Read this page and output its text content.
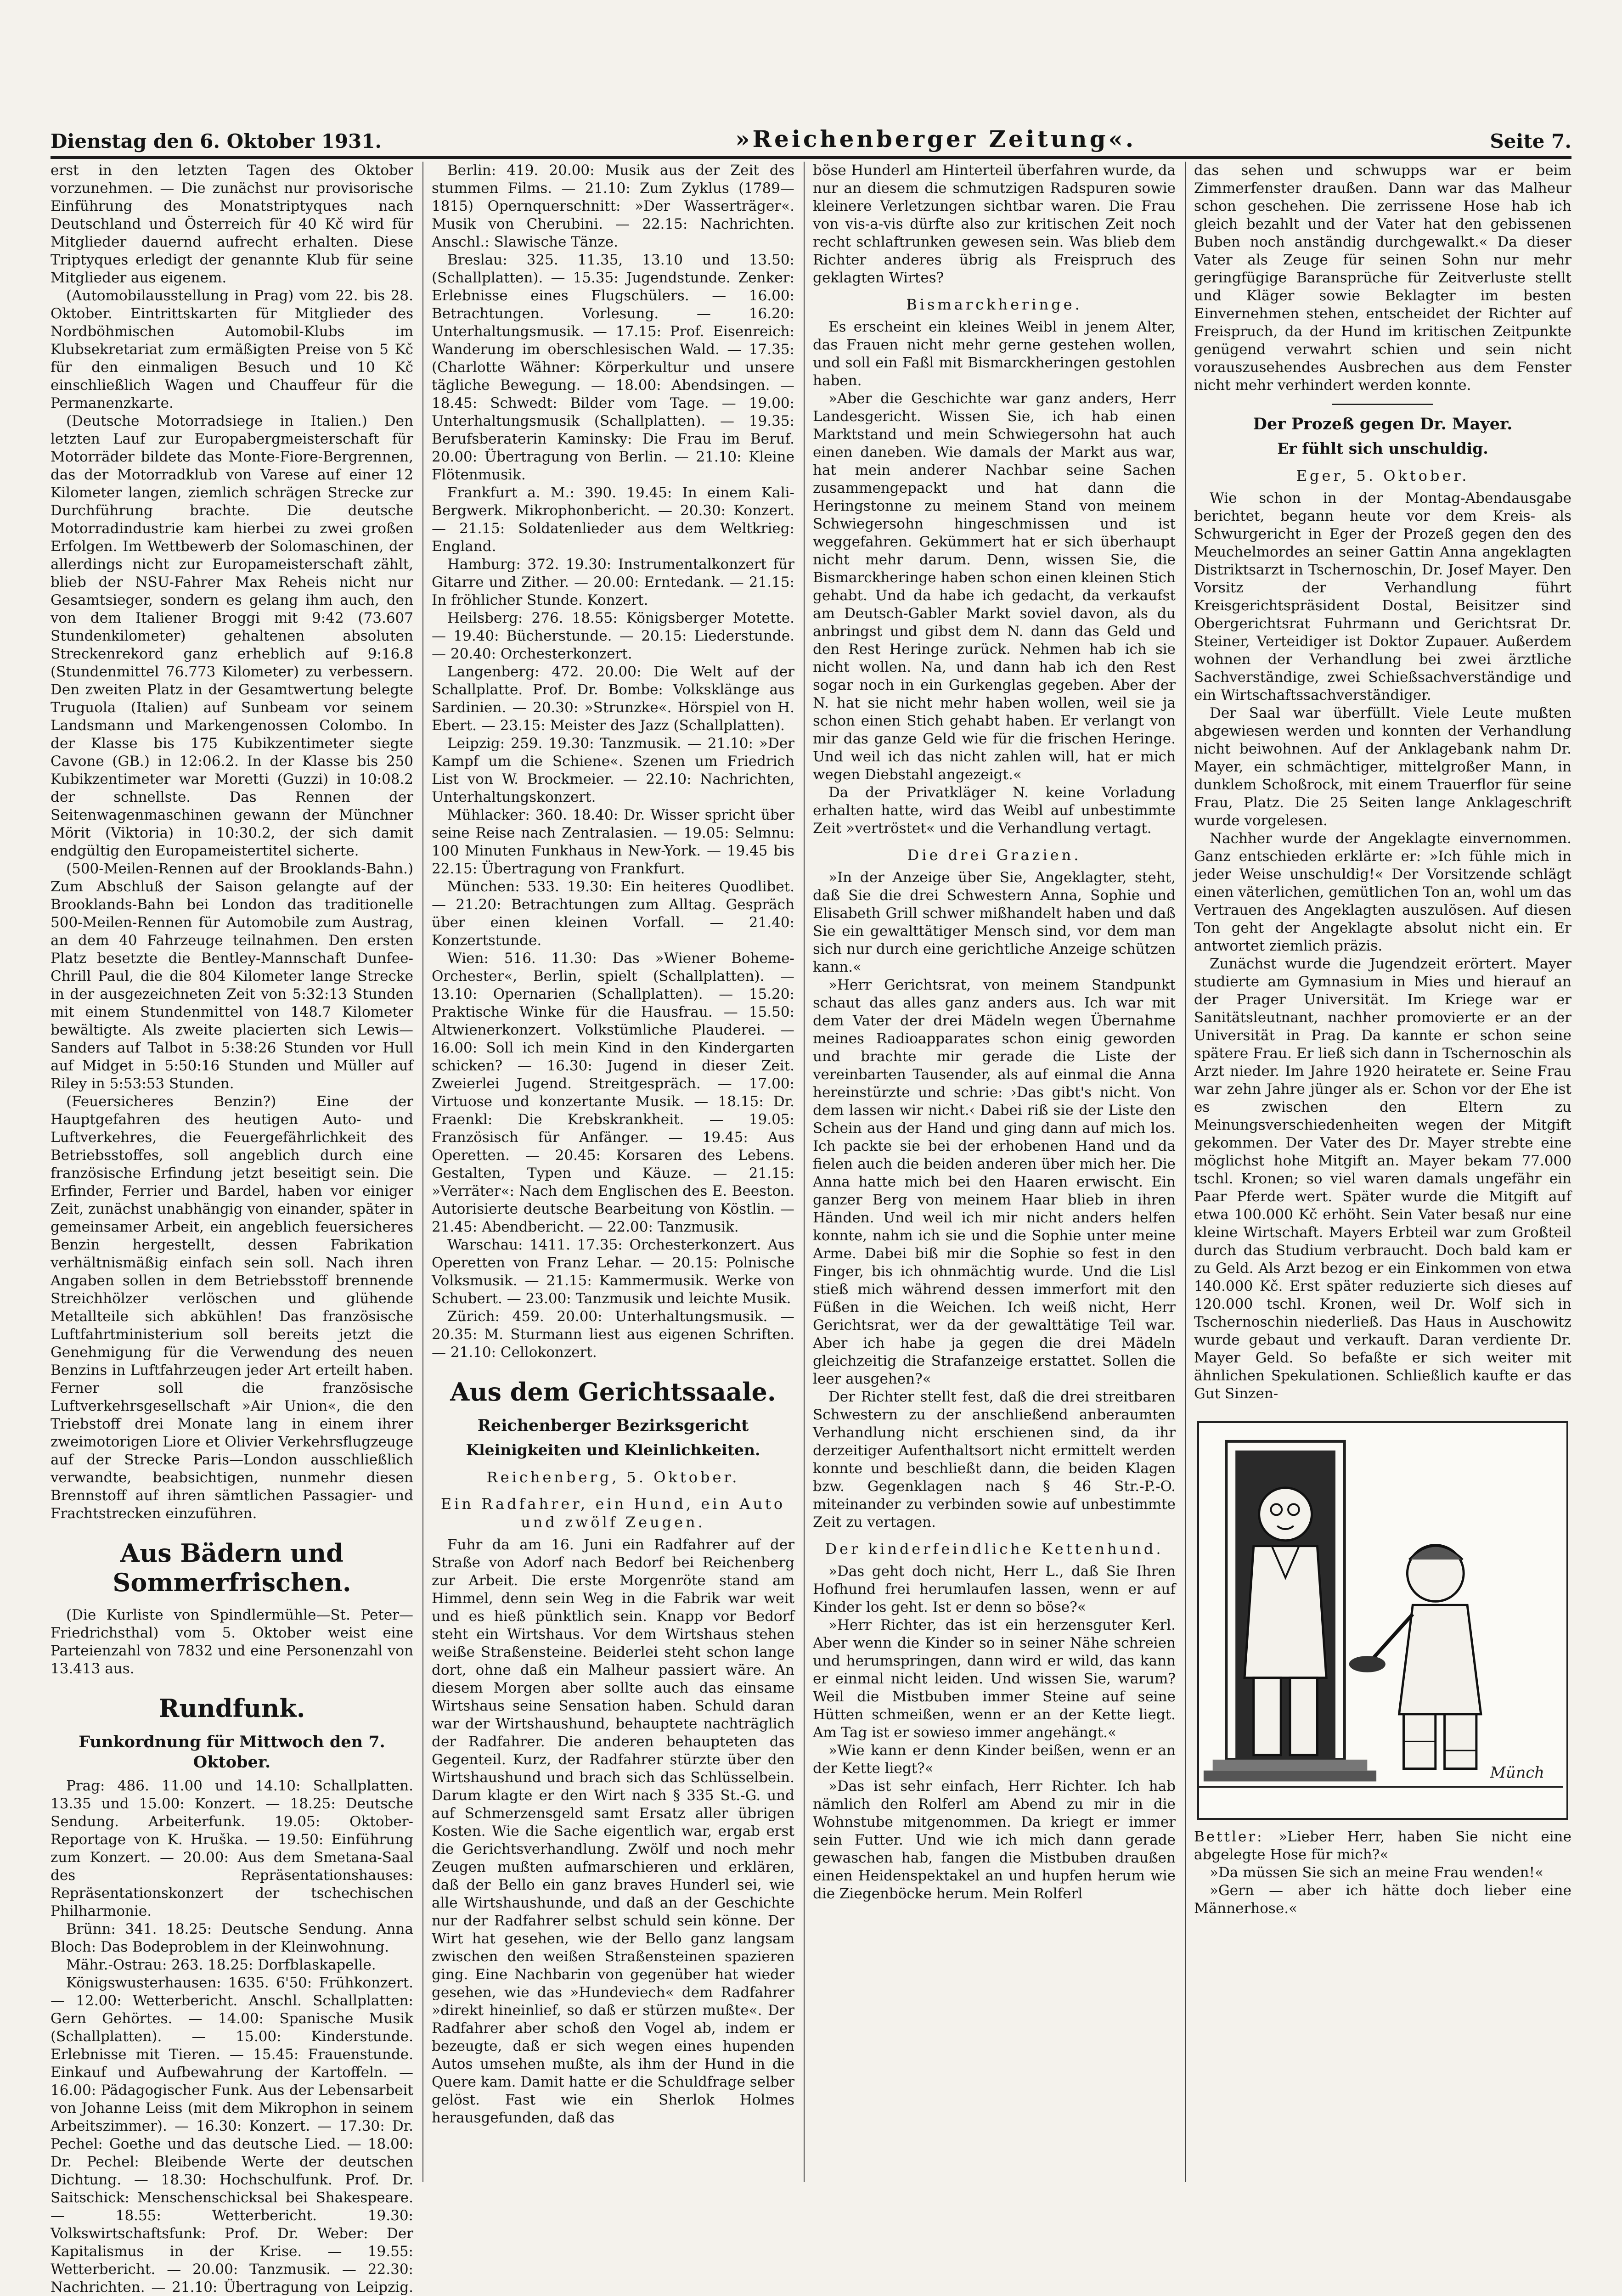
Dienstag den 6. Oktober 1931.	»Reichenberger Zeitung«.	Seite 7.

erst in den letzten Tagen des Oktober vorzunehmen. — Die zunächst nur provisorische Einführung des Monatstriptyques nach Deutschland und Österreich für 40 Kč wird für Mitglieder dauernd aufrecht erhalten. Diese Triptyques erledigt der genannte Klub für seine Mitglieder aus eigenem.

(Automobilausstellung in Prag) vom 22. bis 28. Oktober. Eintrittskarten für Mitglieder des Nordböhmischen Automobil-Klubs im Klubsekretariat zum ermäßigten Preise von 5 Kč für den einmaligen Besuch und 10 Kč einschließlich Wagen und Chauffeur für die Permanenzkarte.

(Deutsche Motorradsiege in Italien.) Den letzten Lauf zur Europabergmeisterschaft für Motorräder bildete das Monte-Fiore-Bergrennen, das der Motorradklub von Varese auf einer 12 Kilometer langen, ziemlich schrägen Strecke zur Durchführung brachte. Die deutsche Motorradindustrie kam hierbei zu zwei großen Erfolgen. Im Wettbewerb der Solomaschinen, der allerdings nicht zur Europameisterschaft zählt, blieb der NSU-Fahrer Max Reheis nicht nur Gesamtsieger, sondern es gelang ihm auch, den von dem Italiener Broggi mit 9:42 (73.607 Stundenkilometer) gehaltenen absoluten Streckenrekord ganz erheblich auf 9:16.8 (Stundenmittel 76.773 Kilometer) zu verbessern. Den zweiten Platz in der Gesamtwertung belegte Truguola (Italien) auf Sunbeam vor seinem Landsmann und Markengenossen Colombo. In der Klasse bis 175 Kubikzentimeter siegte Cavone (GB.) in 12:06.2. In der Klasse bis 250 Kubikzentimeter war Moretti (Guzzi) in 10:08.2 der schnellste. Das Rennen der Seitenwagenmaschinen gewann der Münchner Mörit (Viktoria) in 10:30.2, der sich damit endgültig den Europameistertitel sicherte.

(500-Meilen-Rennen auf der Brooklands-Bahn.) Zum Abschluß der Saison gelangte auf der Brooklands-Bahn bei London das traditionelle 500-Meilen-Rennen für Automobile zum Austrag, an dem 40 Fahrzeuge teilnahmen. Den ersten Platz besetzte die Bentley-Mannschaft Dunfee-Chrill Paul, die die 804 Kilometer lange Strecke in der ausgezeichneten Zeit von 5:32:13 Stunden mit einem Stundenmittel von 148.7 Kilometer bewältigte. Als zweite placierten sich Lewis—Sanders auf Talbot in 5:38:26 Stunden vor Hull auf Midget in 5:50:16 Stunden und Müller auf Riley in 5:53:53 Stunden.

(Feuersicheres Benzin?) Eine der Hauptgefahren des heutigen Auto- und Luftverkehres, die Feuergefährlichkeit des Betriebsstoffes, soll angeblich durch eine französische Erfindung jetzt beseitigt sein. Die Erfinder, Ferrier und Bardel, haben vor einiger Zeit, zunächst unabhängig von einander, später in gemeinsamer Arbeit, ein angeblich feuersicheres Benzin hergestellt, dessen Fabrikation verhältnismäßig einfach sein soll. Nach ihren Angaben sollen in dem Betriebsstoff brennende Streichhölzer verlöschen und glühende Metallteile sich abkühlen! Das französische Luftfahrtministerium soll bereits jetzt die Genehmigung für die Verwendung des neuen Benzins in Luftfahrzeugen jeder Art erteilt haben. Ferner soll die französische Luftverkehrsgesellschaft »Air Union«, die den Triebstoff drei Monate lang in einem ihrer zweimotorigen Liore et Olivier Verkehrsflugzeuge auf der Strecke Paris—London ausschließlich verwandte, beabsichtigen, nunmehr diesen Brennstoff auf ihren sämtlichen Passagier- und Frachtstrecken einzuführen.

Aus Bädern und Sommerfrischen.

(Die Kurliste von Spindlermühle—St. Peter—Friedrichsthal) vom 5. Oktober weist eine Parteienzahl von 7832 und eine Personenzahl von 13.413 aus.

Rundfunk.
Funkordnung für Mittwoch den 7. Oktober.

Prag: 486. 11.00 und 14.10: Schallplatten. 13.35 und 15.00: Konzert. — 18.25: Deutsche Sendung. Arbeiterfunk. 19.05: Oktober-Reportage von K. Hruška. — 19.50: Einführung zum Konzert. — 20.00: Aus dem Smetana-Saal des Repräsentationshauses: Repräsentationskonzert der tschechischen Philharmonie.

Brünn: 341. 18.25: Deutsche Sendung. Anna Bloch: Das Bodeproblem in der Kleinwohnung.

Mähr.-Ostrau: 263. 18.25: Dorfblaskapelle.

Königswusterhausen: 1635. 6'50: Frühkonzert. — 12.00: Wetterbericht. Anschl. Schallplatten: Gern Gehörtes. — 14.00: Spanische Musik (Schallplatten). — 15.00: Kinderstunde. Erlebnisse mit Tieren. — 15.45: Frauenstunde. Einkauf und Aufbewahrung der Kartoffeln. — 16.00: Pädagogischer Funk. Aus der Lebensarbeit von Johanne Leiss (mit dem Mikrophon in seinem Arbeitszimmer). — 16.30: Konzert. — 17.30: Dr. Pechel: Goethe und das deutsche Lied. — 18.00: Dr. Pechel: Bleibende Werte der deutschen Dichtung. — 18.30: Hochschulfunk. Prof. Dr. Saitschick: Menschenschicksal bei Shakespeare. — 18.55: Wetterbericht. 19.30: Volkswirtschaftsfunk: Prof. Dr. Weber: Der Kapitalismus in der Krise. — 19.55: Wetterbericht. — 20.00: Tanzmusik. — 22.30: Nachrichten. — 21.10: Übertragung von Leipzig.

Berlin: 419. 20.00: Musik aus der Zeit des stummen Films. — 21.10: Zum Zyklus (1789—1815) Opernquerschnitt: »Der Wasserträger«. Musik von Cherubini. — 22.15: Nachrichten. Anschl.: Slawische Tänze.

Breslau: 325. 11.35, 13.10 und 13.50: (Schallplatten). — 15.35: Jugendstunde. Zenker: Erlebnisse eines Flugschülers. — 16.00: Betrachtungen. Vorlesung. — 16.20: Unterhaltungsmusik. — 17.15: Prof. Eisenreich: Wanderung im oberschlesischen Wald. — 17.35: (Charlotte Wähner: Körperkultur und unsere tägliche Bewegung. — 18.00: Abendsingen. — 18.45: Schwedt: Bilder vom Tage. — 19.00: Unterhaltungsmusik (Schallplatten). — 19.35: Berufsberaterin Kaminsky: Die Frau im Beruf. 20.00: Übertragung von Berlin. — 21.10: Kleine Flötenmusik.

Frankfurt a. M.: 390. 19.45: In einem Kali-Bergwerk. Mikrophonbericht. — 20.30: Konzert. — 21.15: Soldatenlieder aus dem Weltkrieg: England.

Hamburg: 372. 19.30: Instrumentalkonzert für Gitarre und Zither. — 20.00: Erntedank. — 21.15: In fröhlicher Stunde. Konzert.

Heilsberg: 276. 18.55: Königsberger Motette. — 19.40: Bücherstunde. — 20.15: Liederstunde. — 20.40: Orchesterkonzert.

Langenberg: 472. 20.00: Die Welt auf der Schallplatte. Prof. Dr. Bombe: Volksklänge aus Sardinien. — 20.30: »Strunzke«. Hörspiel von H. Ebert. — 23.15: Meister des Jazz (Schallplatten).

Leipzig: 259. 19.30: Tanzmusik. — 21.10: »Der Kampf um die Schiene«. Szenen um Friedrich List von W. Brockmeier. — 22.10: Nachrichten, Unterhaltungskonzert.

Mühlacker: 360. 18.40: Dr. Wisser spricht über seine Reise nach Zentralasien. — 19.05: Selmnu: 100 Minuten Funkhaus in New-York. — 19.45 bis 22.15: Übertragung von Frankfurt.

München: 533. 19.30: Ein heiteres Quodlibet. — 21.20: Betrachtungen zum Alltag. Gespräch über einen kleinen Vorfall. — 21.40: Konzertstunde.

Wien: 516. 11.30: Das »Wiener Boheme-Orchester«, Berlin, spielt (Schallplatten). — 13.10: Opernarien (Schallplatten). — 15.20: Praktische Winke für die Hausfrau. — 15.50: Altwienerkonzert. Volkstümliche Plauderei. — 16.00: Soll ich mein Kind in den Kindergarten schicken? — 16.30: Jugend in dieser Zeit. Zweierlei Jugend. Streitgespräch. — 17.00: Virtuose und konzertante Musik. — 18.15: Dr. Fraenkl: Die Krebskrankheit. — 19.05: Französisch für Anfänger. — 19.45: Aus Operetten. — 20.45: Korsaren des Lebens. Gestalten, Typen und Käuze. — 21.15: »Verräter«: Nach dem Englischen des E. Beeston. Autorisierte deutsche Bearbeitung von Köstlin. — 21.45: Abendbericht. — 22.00: Tanzmusik.

Warschau: 1411. 17.35: Orchesterkonzert. Aus Operetten von Franz Lehar. — 20.15: Polnische Volksmusik. — 21.15: Kammermusik. Werke von Schubert. — 23.00: Tanzmusik und leichte Musik.

Zürich: 459. 20.00: Unterhaltungsmusik. — 20.35: M. Sturmann liest aus eigenen Schriften. — 21.10: Cellokonzert.

Aus dem Gerichtssaale.
Reichenberger Bezirksgericht
Kleinigkeiten und Kleinlichkeiten.
Reichenberg, 5. Oktober.
Ein Radfahrer, ein Hund, ein Auto und zwölf Zeugen.

Fuhr da am 16. Juni ein Radfahrer auf der Straße von Adorf nach Bedorf bei Reichenberg zur Arbeit. Die erste Morgenröte stand am Himmel, denn sein Weg in die Fabrik war weit und es hieß pünktlich sein. Knapp vor Bedorf steht ein Wirtshaus. Vor dem Wirtshaus stehen weiße Straßensteine. Beiderlei steht schon lange dort, ohne daß ein Malheur passiert wäre. An diesem Morgen aber sollte auch das einsame Wirtshaus seine Sensation haben. Schuld daran war der Wirtshaushund, behauptete nachträglich der Radfahrer. Die anderen behaupteten das Gegenteil. Kurz, der Radfahrer stürzte über den Wirtshaushund und brach sich das Schlüsselbein. Darum klagte er den Wirt nach § 335 St.-G. und auf Schmerzensgeld samt Ersatz aller übrigen Kosten. Wie die Sache eigentlich war, ergab erst die Gerichtsverhandlung. Zwölf und noch mehr Zeugen mußten aufmarschieren und erklären, daß der Bello ein ganz braves Hunderl sei, wie alle Wirtshaushunde, und daß an der Geschichte nur der Radfahrer selbst schuld sein könne. Der Wirt hat gesehen, wie der Bello ganz langsam zwischen den weißen Straßensteinen spazieren ging. Eine Nachbarin von gegenüber hat wieder gesehen, wie das »Hundeviech« dem Radfahrer »direkt hineinlief, so daß er stürzen mußte«. Der Radfahrer aber schoß den Vogel ab, indem er bezeugte, daß er sich wegen eines hupenden Autos umsehen mußte, als ihm der Hund in die Quere kam. Damit hatte er die Schuldfrage selber gelöst. Fast wie ein Sherlok Holmes herausgefunden, daß das

böse Hunderl am Hinterteil überfahren wurde, da nur an diesem die schmutzigen Radspuren sowie kleinere Verletzungen sichtbar waren. Die Frau von vis-a-vis dürfte also zur kritischen Zeit noch recht schlaftrunken gewesen sein. Was blieb dem Richter anderes übrig als Freispruch des geklagten Wirtes?

Bismarckheringe.

Es erscheint ein kleines Weibl in jenem Alter, das Frauen nicht mehr gerne gestehen wollen, und soll ein Faßl mit Bismarckheringen gestohlen haben.

»Aber die Geschichte war ganz anders, Herr Landesgericht. Wissen Sie, ich hab einen Marktstand und mein Schwiegersohn hat auch einen daneben. Wie damals der Markt aus war, hat mein anderer Nachbar seine Sachen zusammengepackt und hat dann die Heringstonne zu meinem Stand von meinem Schwiegersohn hingeschmissen und ist weggefahren. Gekümmert hat er sich überhaupt nicht mehr darum. Denn, wissen Sie, die Bismarckheringe haben schon einen kleinen Stich gehabt. Und da habe ich gedacht, da verkaufst am Deutsch-Gabler Markt soviel davon, als du anbringst und gibst dem N. dann das Geld und den Rest Heringe zurück. Nehmen hab ich sie nicht wollen. Na, und dann hab ich den Rest sogar noch in ein Gurkenglas gegeben. Aber der N. hat sie nicht mehr haben wollen, weil sie ja schon einen Stich gehabt haben. Er verlangt von mir das ganze Geld wie für die frischen Heringe. Und weil ich das nicht zahlen will, hat er mich wegen Diebstahl angezeigt.«

Da der Privatkläger N. keine Vorladung erhalten hatte, wird das Weibl auf unbestimmte Zeit »vertröstet« und die Verhandlung vertagt.

Die drei Grazien.

»In der Anzeige über Sie, Angeklagter, steht, daß Sie die drei Schwestern Anna, Sophie und Elisabeth Grill schwer mißhandelt haben und daß Sie ein gewalttätiger Mensch sind, vor dem man sich nur durch eine gerichtliche Anzeige schützen kann.«

»Herr Gerichtsrat, von meinem Standpunkt schaut das alles ganz anders aus. Ich war mit dem Vater der drei Mädeln wegen Übernahme meines Radioapparates schon einig geworden und brachte mir gerade die Liste der vereinbarten Tausender, als auf einmal die Anna hereinstürzte und schrie: ›Das gibt's nicht. Von dem lassen wir nicht.‹ Dabei riß sie der Liste den Schein aus der Hand und ging dann auf mich los. Ich packte sie bei der erhobenen Hand und da fielen auch die beiden anderen über mich her. Die Anna hatte mich bei den Haaren erwischt. Ein ganzer Berg von meinem Haar blieb in ihren Händen. Und weil ich mir nicht anders helfen konnte, nahm ich sie und die Sophie unter meine Arme. Dabei biß mir die Sophie so fest in den Finger, bis ich ohnmächtig wurde. Und die Lisl stieß mich während dessen immerfort mit den Füßen in die Weichen. Ich weiß nicht, Herr Gerichtsrat, wer da der gewalttätige Teil war. Aber ich habe ja gegen die drei Mädeln gleichzeitig die Strafanzeige erstattet. Sollen die leer ausgehen?«

Der Richter stellt fest, daß die drei streitbaren Schwestern zu der anschließend anberaumten Verhandlung nicht erschienen sind, da ihr derzeitiger Aufenthaltsort nicht ermittelt werden konnte und beschließt dann, die beiden Klagen bzw. Gegenklagen nach § 46 Str.-P.-O. miteinander zu verbinden sowie auf unbestimmte Zeit zu vertagen.

Der kinderfeindliche Kettenhund.

»Das geht doch nicht, Herr L., daß Sie Ihren Hofhund frei herumlaufen lassen, wenn er auf Kinder los geht. Ist er denn so böse?«

»Herr Richter, das ist ein herzensguter Kerl. Aber wenn die Kinder so in seiner Nähe schreien und herumspringen, dann wird er wild, das kann er einmal nicht leiden. Und wissen Sie, warum? Weil die Mistbuben immer Steine auf seine Hütten schmeißen, wenn er an der Kette liegt. Am Tag ist er sowieso immer angehängt.«

»Wie kann er denn Kinder beißen, wenn er an der Kette liegt?«

»Das ist sehr einfach, Herr Richter. Ich hab nämlich den Rolferl am Abend zu mir in die Wohnstube mitgenommen. Da kriegt er immer sein Futter. Und wie ich mich dann gerade gewaschen hab, fangen die Mistbuben draußen einen Heidenspektakel an und hupfen herum wie die Ziegenböcke herum. Mein Rolferl

das sehen und schwupps war er beim Zimmerfenster draußen. Dann war das Malheur schon geschehen. Die zerrissene Hose hab ich gleich bezahlt und der Vater hat den gebissenen Buben noch anständig durchgewalkt.« Da dieser Vater als Zeuge für seinen Sohn nur mehr geringfügige Baransprüche für Zeitverluste stellt und Kläger sowie Beklagter im besten Einvernehmen stehen, entscheidet der Richter auf Freispruch, da der Hund im kritischen Zeitpunkte genügend verwahrt schien und sein nicht vorauszusehendes Ausbrechen aus dem Fenster nicht mehr verhindert werden konnte.

Der Prozeß gegen Dr. Mayer.
Er fühlt sich unschuldig.
Eger, 5. Oktober.

Wie schon in der Montag-Abendausgabe berichtet, begann heute vor dem Kreis- als Schwurgericht in Eger der Prozeß gegen den des Meuchelmordes an seiner Gattin Anna angeklagten Distriktsarzt in Tschernoschin, Dr. Josef Mayer. Den Vorsitz der Verhandlung führt Kreisgerichtspräsident Dostal, Beisitzer sind Obergerichtsrat Fuhrmann und Gerichtsrat Dr. Steiner, Verteidiger ist Doktor Zupauer. Außerdem wohnen der Verhandlung bei zwei ärztliche Sachverständige, zwei Schießsachverständige und ein Wirtschaftssachverständiger.

Der Saal war überfüllt. Viele Leute mußten abgewiesen werden und konnten der Verhandlung nicht beiwohnen. Auf der Anklagebank nahm Dr. Mayer, ein schmächtiger, mittelgroßer Mann, in dunklem Schoßrock, mit einem Trauerflor für seine Frau, Platz. Die 25 Seiten lange Anklageschrift wurde vorgelesen.

Nachher wurde der Angeklagte einvernommen. Ganz entschieden erklärte er: »Ich fühle mich in jeder Weise unschuldig!« Der Vorsitzende schlägt einen väterlichen, gemütlichen Ton an, wohl um das Vertrauen des Angeklagten auszulösen. Auf diesen Ton geht der Angeklagte absolut nicht ein. Er antwortet ziemlich präzis.

Zunächst wurde die Jugendzeit erörtert. Mayer studierte am Gymnasium in Mies und hierauf an der Prager Universität. Im Kriege war er Sanitätsleutnant, nachher promovierte er an der Universität in Prag. Da kannte er schon seine spätere Frau. Er ließ sich dann in Tschernoschin als Arzt nieder. Im Jahre 1920 heiratete er. Seine Frau war zehn Jahre jünger als er. Schon vor der Ehe ist es zwischen den Eltern zu Meinungsverschiedenheiten wegen der Mitgift gekommen. Der Vater des Dr. Mayer strebte eine möglichst hohe Mitgift an. Mayer bekam 77.000 tschl. Kronen; so viel waren damals ungefähr ein Paar Pferde wert. Später wurde die Mitgift auf etwa 100.000 Kč erhöht. Sein Vater besaß nur eine kleine Wirtschaft. Mayers Erbteil war zum Großteil durch das Studium verbraucht. Doch bald kam er zu Geld. Als Arzt bezog er ein Einkommen von etwa 140.000 Kč. Erst später reduzierte sich dieses auf 120.000 tschl. Kronen, weil Dr. Wolf sich in Tschernoschin niederließ. Das Haus in Auschowitz wurde gebaut und verkauft. Daran verdiente Dr. Mayer Geld. So befaßte er sich weiter mit ähnlichen Spekulationen. Schließlich kaufte er das Gut Sinzen-

Münch

Bettler: »Lieber Herr, haben Sie nicht eine abgelegte Hose für mich?«

»Da müssen Sie sich an meine Frau wenden!«

»Gern — aber ich hätte doch lieber eine Männerhose.«
